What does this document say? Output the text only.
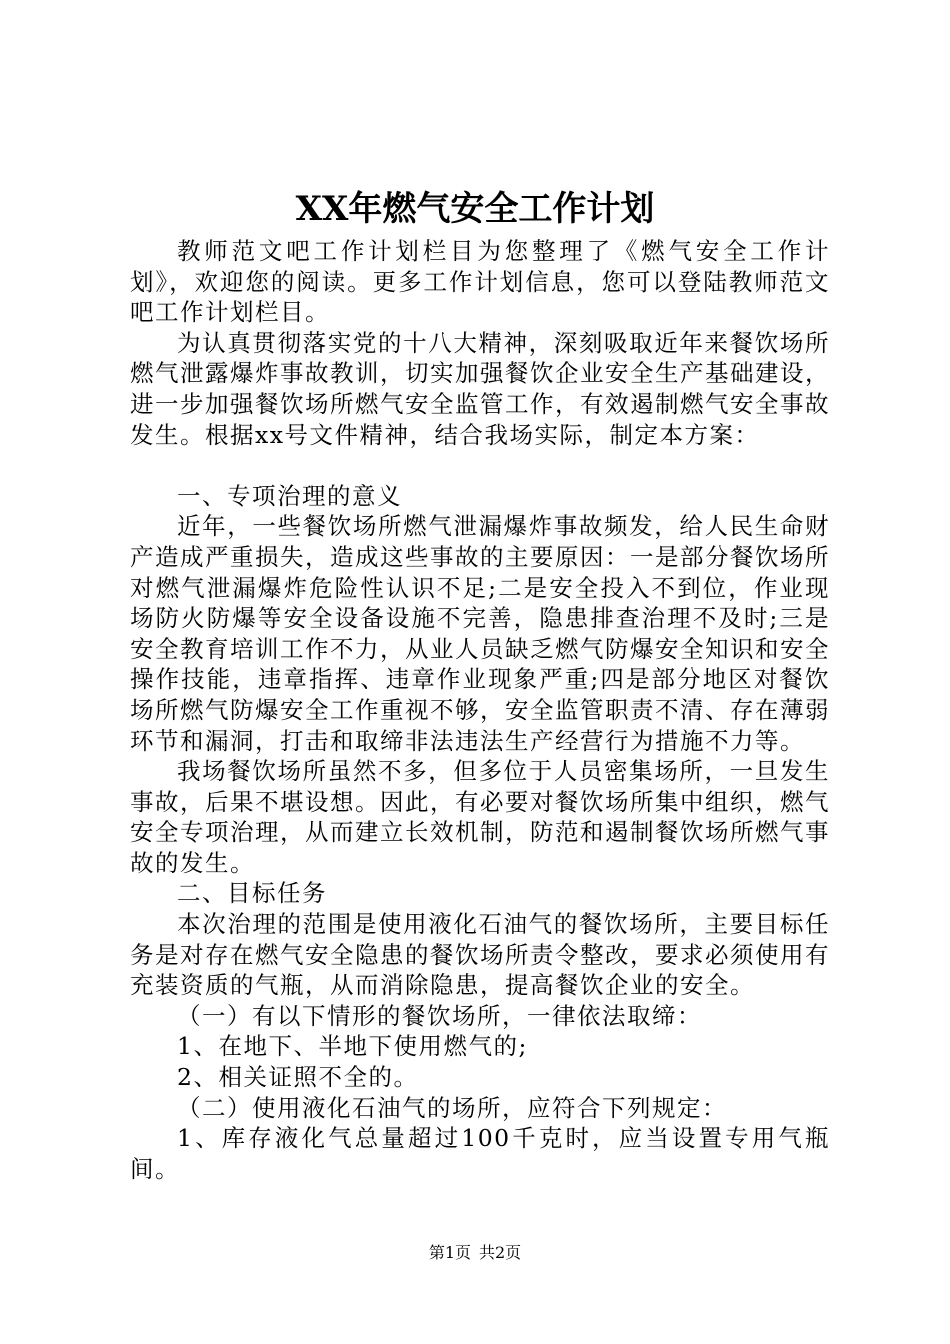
XX年燃气安全工作计划

教师范文吧工作计划栏目为您整理了《燃气安全工作计划》，欢迎您的阅读。更多工作计划信息，您可以登陆教师范文吧工作计划栏目。

为认真贯彻落实党的十八大精神，深刻吸取近年来餐饮场所燃气泄露爆炸事故教训，切实加强餐饮企业安全生产基础建设，进一步加强餐饮场所燃气安全监管工作，有效遏制燃气安全事故发生。根据xx号文件精神，结合我场实际，制定本方案：

一、专项治理的意义

近年，一些餐饮场所燃气泄漏爆炸事故频发，给人民生命财产造成严重损失，造成这些事故的主要原因：一是部分餐饮场所对燃气泄漏爆炸危险性认识不足;二是安全投入不到位，作业现场防火防爆等安全设备设施不完善，隐患排查治理不及时;三是安全教育培训工作不力，从业人员缺乏燃气防爆安全知识和安全操作技能，违章指挥、违章作业现象严重;四是部分地区对餐饮场所燃气防爆安全工作重视不够，安全监管职责不清、存在薄弱环节和漏洞，打击和取缔非法违法生产经营行为措施不力等。

我场餐饮场所虽然不多，但多位于人员密集场所，一旦发生事故，后果不堪设想。因此，有必要对餐饮场所集中组织，燃气安全专项治理，从而建立长效机制，防范和遏制餐饮场所燃气事故的发生。

二、目标任务

本次治理的范围是使用液化石油气的餐饮场所，主要目标任务是对存在燃气安全隐患的餐饮场所责令整改，要求必须使用有充装资质的气瓶，从而消除隐患，提高餐饮企业的安全。

（一）有以下情形的餐饮场所，一律依法取缔：

1、在地下、半地下使用燃气的;

2、相关证照不全的。

（二）使用液化石油气的场所，应符合下列规定：

1、库存液化气总量超过100千克时，应当设置专用气瓶间。

第1页 共2页
